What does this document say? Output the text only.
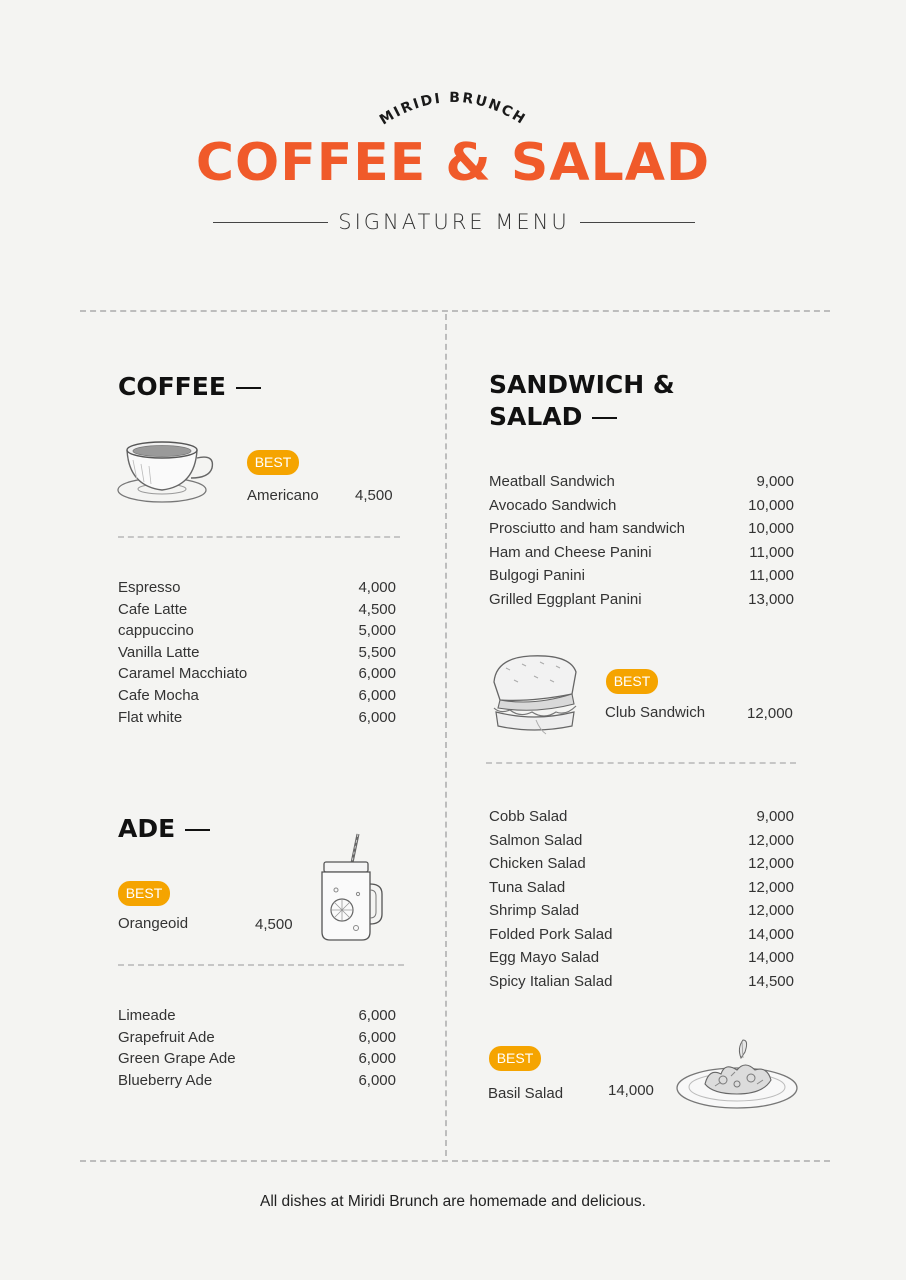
MIRIDI BRUNCH
COFFEE & SALAD
SIGNATURE MENU
COFFEE
BEST
Americano 4,500
Espresso	4,000
Cafe Latte	4,500
cappuccino	5,000
Vanilla Latte	5,500
Caramel Macchiato	6,000
Cafe Mocha	6,000
Flat white	6,000
ADE
BEST
Orangeoid	4,500
Limeade	6,000
Grapefruit Ade	6,000
Green Grape Ade	6,000
Blueberry Ade	6,000
SANDWICH &
SALAD
Meatball Sandwich	9,000
Avocado Sandwich	10,000
Prosciutto and ham sandwich	10,000
Ham and Cheese Panini	11,000
Bulgogi Panini	11,000
Grilled Eggplant Panini	13,000
BEST
Club Sandwich	12,000
Cobb Salad	9,000
Salmon Salad	12,000
Chicken Salad	12,000
Tuna Salad	12,000
Shrimp Salad	12,000
Folded Pork Salad	14,000
Egg Mayo Salad	14,000
Spicy Italian Salad	14,500
BEST
Basil Salad	14,000
All dishes at Miridi Brunch are homemade and delicious.
